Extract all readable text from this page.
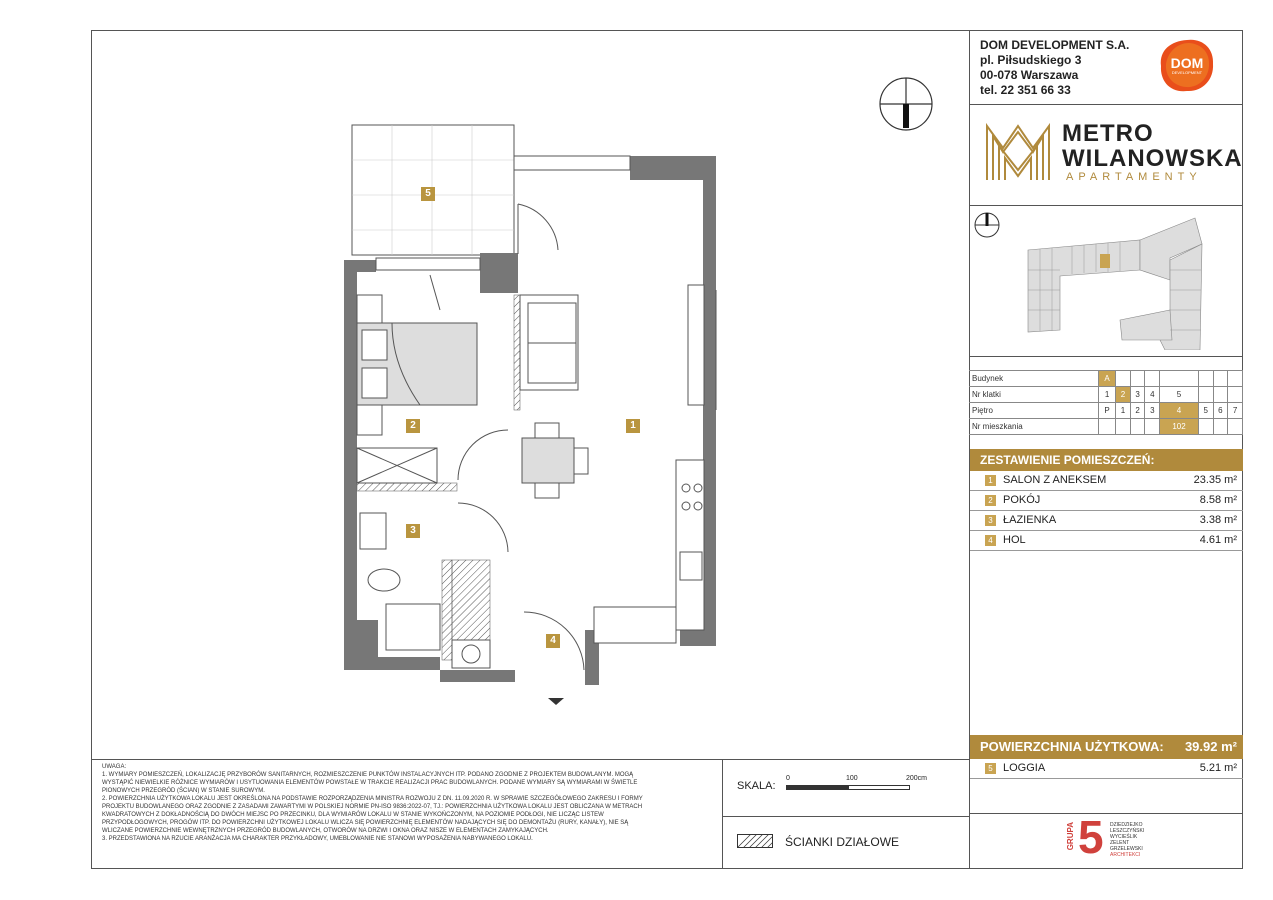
DOM DEVELOPMENT S.A.
pl. Piłsudskiego 3
00-078 Warszawa
tel. 22 351 66 33
DOM
DEVELOPMENT
METRO
WILANOWSKA
APARTAMENTY
Budynek	A							
Nr klatki	1	2	3	4	5			
Piętro	P	1	2	3	4	5	6	7
Nr mieszkania					102			
ZESTAWIENIE POMIESZCZEŃ:
1 SALON Z ANEKSEM	23.35 m²
2 POKÓJ	8.58 m²
3 ŁAZIENKA	3.38 m²
4 HOL	4.61 m²
POWIERZCHNIA UŻYTKOWA: 39.92 m²
5 LOGGIA	5.21 m²
GRUPA 5 DZIEDZIEJKO
LESZCZYŃSKI
WYCIEŚLIK
ZELENT
GRZELEWSKI
ARCHITEKCI
UWAGA:
1. WYMIARY POMIESZCZEŃ, LOKALIZACJĘ PRZYBORÓW SANITARNYCH, ROZMIESZCZENIE PUNKTÓW INSTALACYJNYCH ITP. PODANO ZGODNIE Z PROJEKTEM BUDOWLANYM. MOGĄ
WYSTĄPIĆ NIEWIELKIE RÓŻNICE WYMIARÓW I USYTUOWANIA ELEMENTÓW POWSTAŁE W TRAKCIE REALIZACJI PRAC BUDOWLANYCH. PODANE WYMIARY SĄ WYMIARAMI W ŚWIETLE
PIONOWYCH PRZEGRÓD (ŚCIAN) W STANIE SUROWYM.
2. POWIERZCHNIA UŻYTKOWA LOKALU JEST OKREŚLONA NA PODSTAWIE ROZPORZĄDZENIA MINISTRA ROZWOJU Z DN. 11.09.2020 R. W SPRAWIE SZCZEGÓŁOWEGO ZAKRESU I FORMY
PROJEKTU BUDOWLANEGO ORAZ ZGODNIE Z ZASADAMI ZAWARTYMI W POLSKIEJ NORMIE PN-ISO 9836:2022-07, TJ.: POWIERZCHNIA UŻYTKOWA LOKALU JEST OBLICZANA W METRACH
KWADRATOWYCH Z DOKŁADNOŚCIĄ DO DWÓCH MIEJSC PO PRZECINKU, DLA WYMIARÓW LOKALU W STANIE WYKOŃCZONYM, NA POZIOMIE PODŁOGI, NIE LICZĄC LISTEW
PRZYPODŁOGOWYCH, PROGÓW ITP. DO POWIERZCHNI UŻYTKOWEJ LOKALU WLICZA SIĘ POWIERZCHNIĘ ELEMENTÓW NADAJĄCYCH SIĘ DO DEMONTAŻU (RURY, KANAŁY), NIE SĄ
WLICZANE POWIERZCHNIE WEWNĘTRZNYCH PRZEGRÓD BUDOWLANYCH, OTWORÓW NA DRZWI I OKNA ORAZ NISZE W ELEMENTACH ZAMYKAJĄCYCH.
3. PRZEDSTAWIONA NA RZUCIE ARANŻACJA MA CHARAKTER PRZYKŁADOWY, UMEBLOWANIE NIE STANOWI WYPOSAŻENIA NABYWANEGO LOKALU.
SKALA:
0	100	200cm
ŚCIANKI DZIAŁOWE
5
1
2
3
4
